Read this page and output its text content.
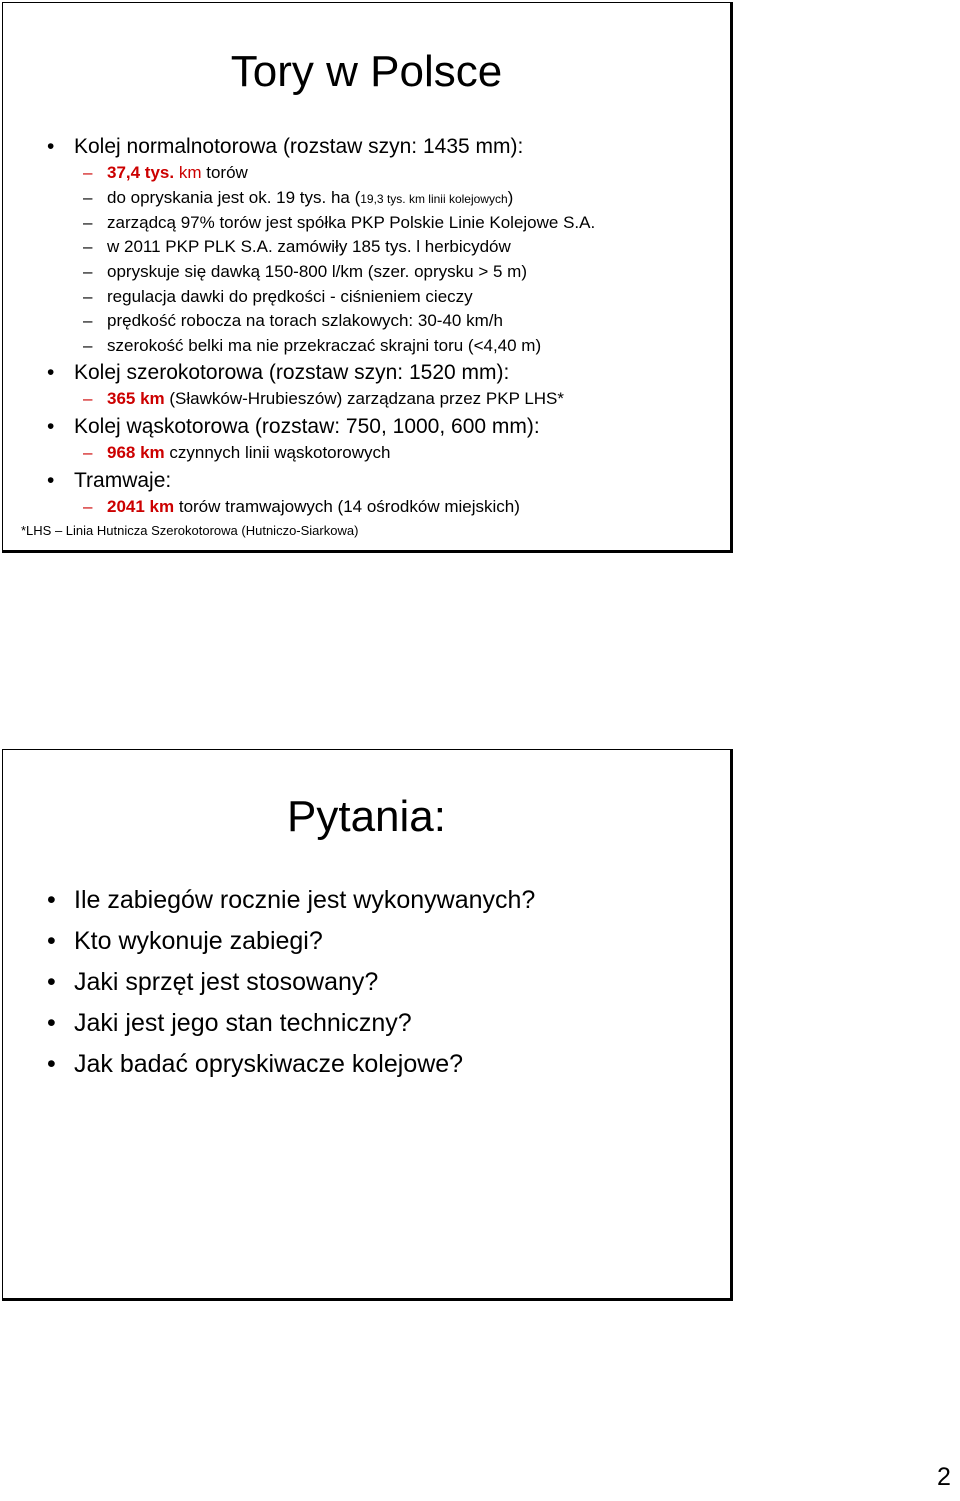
Tory w Polsce
• Kolej normalnotorowa (rozstaw szyn: 1435 mm):
– 37,4 tys. km torów
– do opryskania jest ok. 19 tys. ha (19,3 tys. km linii kolejowych)
– zarządcą 97% torów jest spółka PKP Polskie Linie Kolejowe S.A.
– w 2011 PKP PLK S.A. zamówiły 185 tys. l herbicydów
– opryskuje się dawką 150-800 l/km (szer. oprysku > 5 m)
– regulacja dawki do prędkości - ciśnieniem cieczy
– prędkość robocza na torach szlakowych: 30-40 km/h
– szerokość belki ma nie przekraczać skrajni toru (<4,40 m)
• Kolej szerokotorowa (rozstaw szyn: 1520 mm):
– 365 km (Sławków-Hrubieszów) zarządzana przez PKP LHS*
• Kolej wąskotorowa (rozstaw: 750, 1000, 600 mm):
– 968 km czynnych linii wąskotorowych
• Tramwaje:
– 2041 km torów tramwajowych (14 ośrodków miejskich)
*LHS – Linia Hutnicza Szerokotorowa (Hutniczo-Siarkowa)
Pytania:
• Ile zabiegów rocznie jest wykonywanych?
• Kto wykonuje zabiegi?
• Jaki sprzęt jest stosowany?
• Jaki jest jego stan techniczny?
• Jak badać opryskiwacze kolejowe?
2
